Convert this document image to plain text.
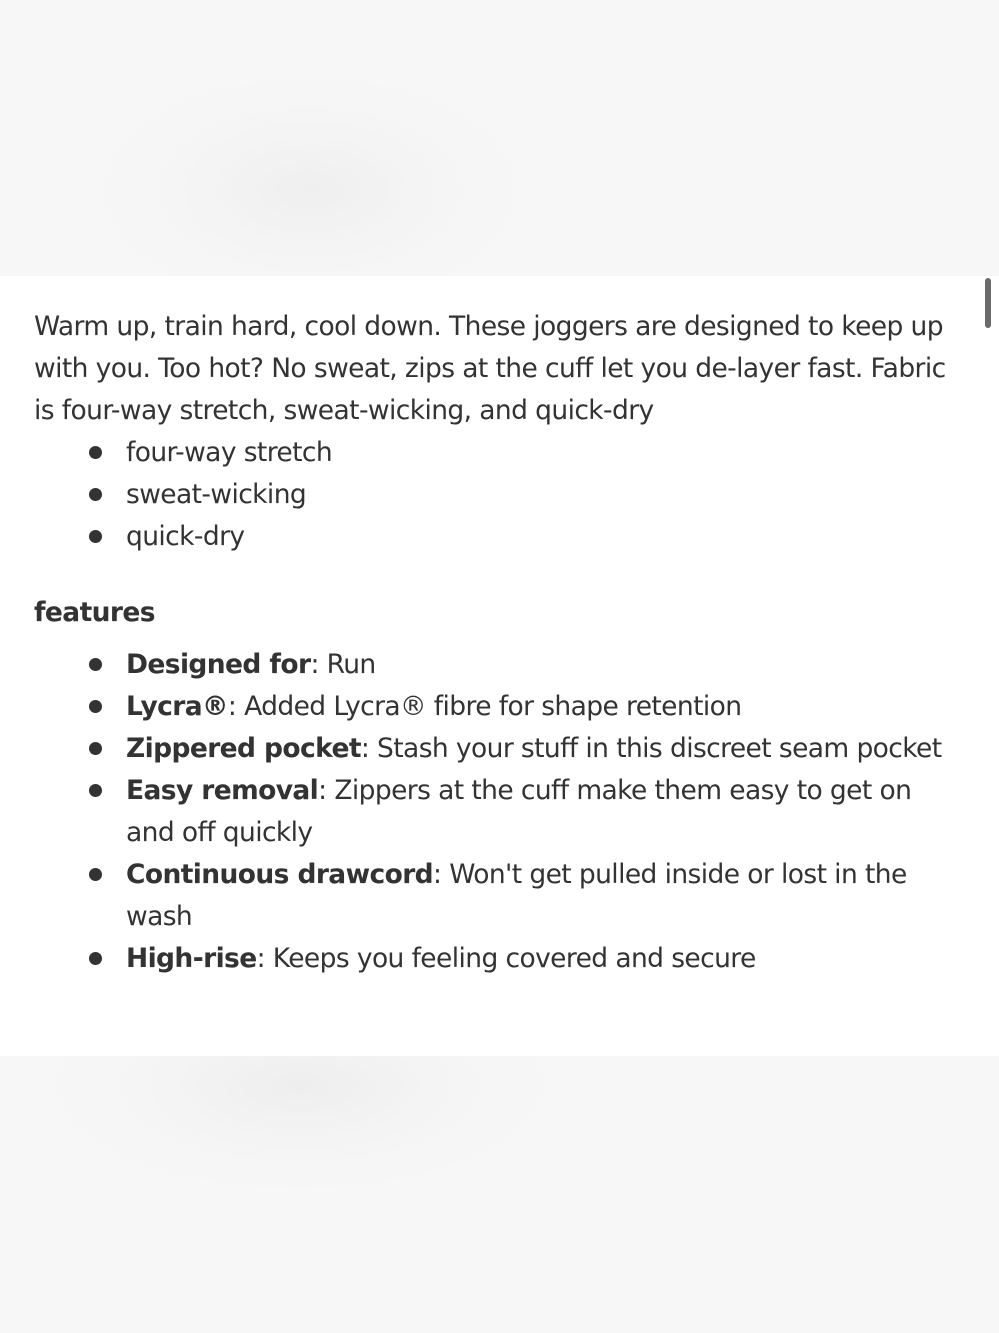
Warm up, train hard, cool down. These joggers are designed to keep up with you. Too hot? No sweat, zips at the cuff let you de-layer fast. Fabric is four-way stretch, sweat-wicking, and quick-dry

four-way stretch
sweat-wicking
quick-dry
features
Designed for: Run
Lycra®: Added Lycra® fibre for shape retention
Zippered pocket: Stash your stuff in this discreet seam pocket
Easy removal: Zippers at the cuff make them easy to get on and off quickly
Continuous drawcord: Won't get pulled inside or lost in the wash
High-rise: Keeps you feeling covered and secure
